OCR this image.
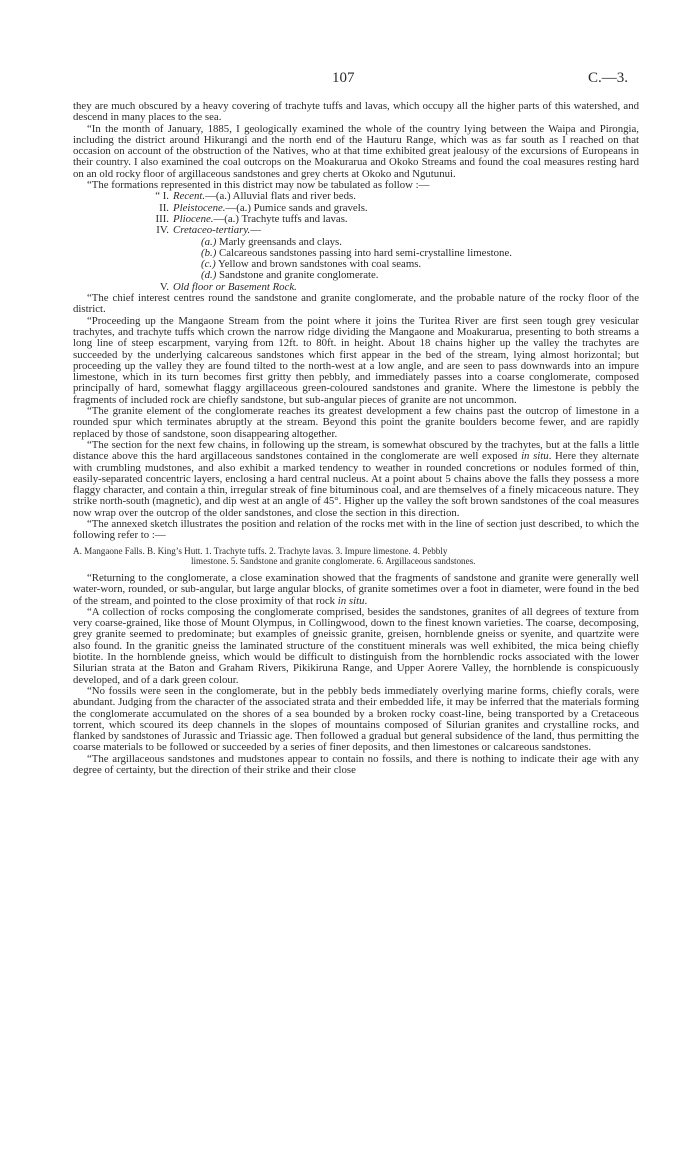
107	C.—3.

they are much obscured by a heavy covering of trachyte tuffs and lavas, which occupy all the higher parts of this watershed, and descend in many places to the sea.

“In the month of January, 1885, I geologically examined the whole of the country lying between the Waipa and Pirongia, including the district around Hikurangi and the north end of the Hauturu Range, which was as far south as I reached on that occasion on account of the obstruction of the Natives, who at that time exhibited great jealousy of the excursions of Europeans in their country. I also examined the coal outcrops on the Moakurarua and Okoko Streams and found the coal measures resting hard on an old rocky floor of argillaceous sandstones and grey cherts at Okoko and Ngutunui.

“The formations represented in this district may now be tabulated as follow :—

“ I. Recent.—(a.) Alluvial flats and river beds.
II. Pleistocene.—(a.) Pumice sands and gravels.
III. Pliocene.—(a.) Trachyte tuffs and lavas.
IV. Cretaceo-tertiary.—
(a.) Marly greensands and clays.
(b.) Calcareous sandstones passing into hard semi-crystalline limestone.
(c.) Yellow and brown sandstones with coal seams.
(d.) Sandstone and granite conglomerate.
V. Old floor or Basement Rock.

“The chief interest centres round the sandstone and granite conglomerate, and the probable nature of the rocky floor of the district.

“Proceeding up the Mangaone Stream from the point where it joins the Turitea River are first seen tough grey vesicular trachytes, and trachyte tuffs which crown the narrow ridge dividing the Mangaone and Moakurarua, presenting to both streams a long line of steep escarpment, varying from 12ft. to 80ft. in height. About 18 chains higher up the valley the trachytes are succeeded by the underlying calcareous sandstones which first appear in the bed of the stream, lying almost horizontal; but proceeding up the valley they are found tilted to the north-west at a low angle, and are seen to pass downwards into an impure limestone, which in its turn becomes first gritty then pebbly, and immediately passes into a coarse conglomerate, composed principally of hard, somewhat flaggy argillaceous green-coloured sandstones and granite. Where the limestone is pebbly the fragments of included rock are chiefly sandstone, but sub-angular pieces of granite are not uncommon.

“The granite element of the conglomerate reaches its greatest development a few chains past the outcrop of limestone in a rounded spur which terminates abruptly at the stream. Beyond this point the granite boulders become fewer, and are rapidly replaced by those of sandstone, soon disappearing altogether.

“The section for the next few chains, in following up the stream, is somewhat obscured by the trachytes, but at the falls a little distance above this the hard argillaceous sandstones contained in the conglomerate are well exposed in situ. Here they alternate with crumbling mudstones, and also exhibit a marked tendency to weather in rounded concretions or nodules formed of thin, easily-separated concentric layers, enclosing a hard central nucleus. At a point about 5 chains above the falls they possess a more flaggy character, and contain a thin, irregular streak of fine bituminous coal, and are themselves of a finely micaceous nature. They strike north-south (magnetic), and dip west at an angle of 45°. Higher up the valley the soft brown sandstones of the coal measures now wrap over the outcrop of the older sandstones, and close the section in this direction.

“The annexed sketch illustrates the position and relation of the rocks met with in the line of section just described, to which the following refer to :—

A. Mangaone Falls. B. King’s Hutt. 1. Trachyte tuffs. 2. Trachyte lavas. 3. Impure limestone. 4. Pebbly
limestone. 5. Sandstone and granite conglomerate. 6. Argillaceous sandstones.

“Returning to the conglomerate, a close examination showed that the fragments of sandstone and granite were generally well water-worn, rounded, or sub-angular, but large angular blocks, of granite sometimes over a foot in diameter, were found in the bed of the stream, and pointed to the close proximity of that rock in situ.

“A collection of rocks composing the conglomerate comprised, besides the sandstones, granites of all degrees of texture from very coarse-grained, like those of Mount Olympus, in Collingwood, down to the finest known varieties. The coarse, decomposing, grey granite seemed to predominate; but examples of gneissic granite, greisen, hornblende gneiss or syenite, and quartzite were also found. In the granitic gneiss the laminated structure of the constituent minerals was well exhibited, the mica being chiefly biotite. In the hornblende gneiss, which would be difficult to distinguish from the hornblendic rocks associated with the lower Silurian strata at the Baton and Graham Rivers, Pikikiruna Range, and Upper Aorere Valley, the hornblende is conspicuously developed, and of a dark green colour.

“No fossils were seen in the conglomerate, but in the pebbly beds immediately overlying marine forms, chiefly corals, were abundant. Judging from the character of the associated strata and their embedded life, it may be inferred that the materials forming the conglomerate accumulated on the shores of a sea bounded by a broken rocky coast-line, being transported by a Cretaceous torrent, which scoured its deep channels in the slopes of mountains composed of Silurian granites and crystalline rocks, and flanked by sandstones of Jurassic and Triassic age. Then followed a gradual but general subsidence of the land, thus permitting the coarse materials to be followed or succeeded by a series of finer deposits, and then limestones or calcareous sandstones.

“The argillaceous sandstones and mudstones appear to contain no fossils, and there is nothing to indicate their age with any degree of certainty, but the direction of their strike and their close
